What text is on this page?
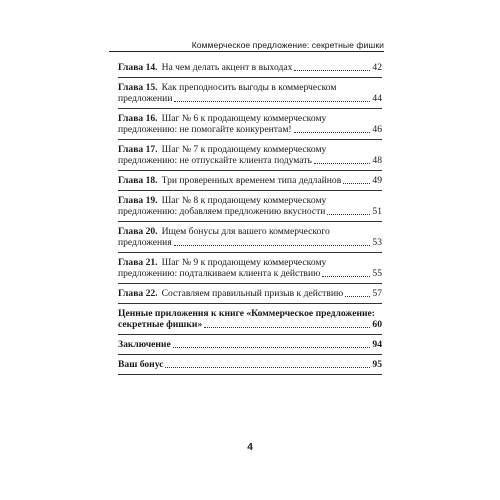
Коммерческое предложение: секретные фишки
Глава 14. На чем делать акцент в выходах	42
Глава 15. Как преподносить выгоды в коммерческом
предложении	44
Глава 16. Шаг № 6 к продающему коммерческому
предложению: не помогайте конкурентам!	46
Глава 17. Шаг № 7 к продающему коммерческому
предложению: не отпускайте клиента подумать	48
Глава 18. Три проверенных временем типа дедлайнов	49
Глава 19. Шаг № 8 к продающему коммерческому
предложению: добавляем предложению вкусности	51
Глава 20. Ищем бонусы для вашего коммерческого
предложения	53
Глава 21. Шаг № 9 к продающему коммерческому
предложению: подталкиваем клиента к действию	55
Глава 22. Составляем правильный призыв к действию	57
Ценные приложения к книге «Коммерческое предложение:
секретные фишки»	60
Заключение	94
Ваш бонус	95
4
